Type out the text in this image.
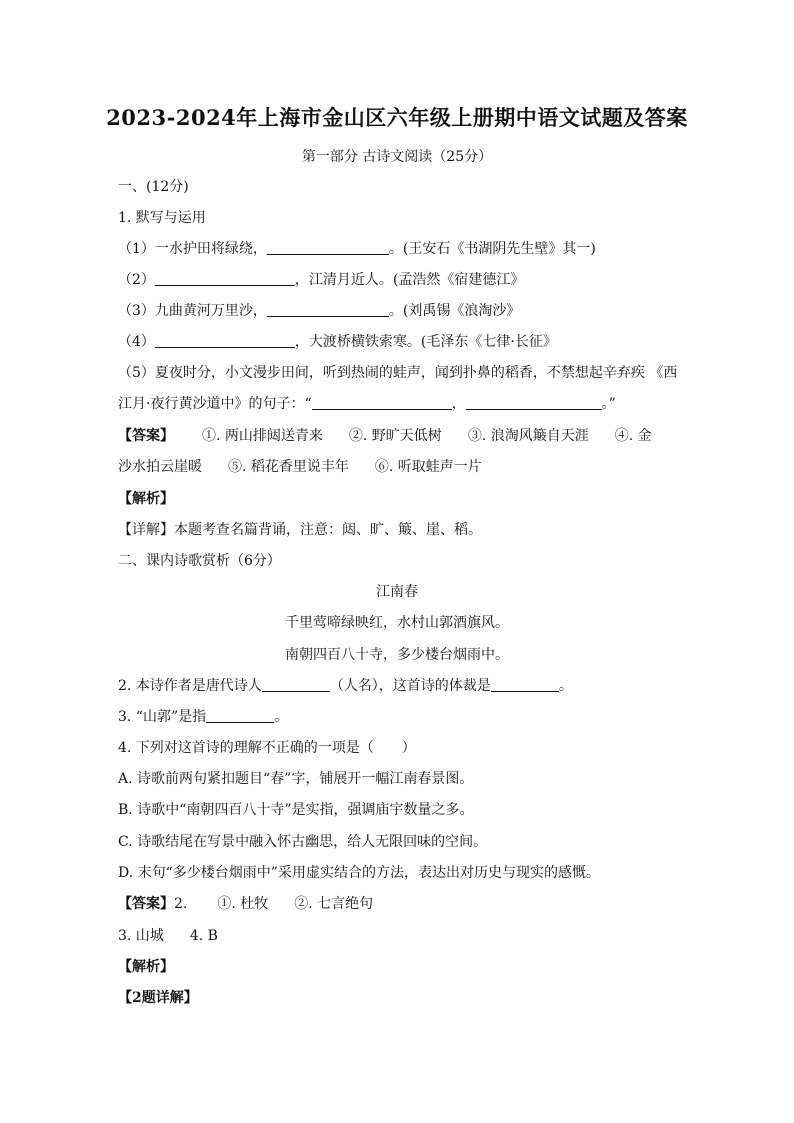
2023-2024年上海市金山区六年级上册期中语文试题及答案
第一部分 古诗文阅读（25分）
一、(12分)
1. 默写与运用
（1）一水护田将绿绕，	。(王安石《书湖阴先生壁》其一)
（2）	，江清月近人。(孟浩然《宿建德江》
（3）九曲黄河万里沙，	。(刘禹锡《浪淘沙》
（4）	，大渡桥横铁索寒。(毛泽东《七律·长征》
（5）夏夜时分，小文漫步田间，听到热闹的蛙声，闻到扑鼻的稻香，不禁想起辛弃疾 《西
江月·夜行黄沙道中》的句子：“	，	。”
【答案】 ①. 两山排闼送青来 ②. 野旷天低树 ③. 浪淘风簸自天涯 ④. 金
沙水拍云崖暖 ⑤. 稻花香里说丰年 ⑥. 听取蛙声一片
【解析】
【详解】本题考查名篇背诵，注意：闼、旷、簸、崖、稻。
二、课内诗歌赏析（6分）
江南春
千里莺啼绿映红，水村山郭酒旗风。
南朝四百八十寺，多少楼台烟雨中。
2. 本诗作者是唐代诗人	（人名），这首诗的体裁是	。
3. “山郭”是指	。
4. 下列对这首诗的理解不正确的一项是（　　）
A. 诗歌前两句紧扣题目“春”字，铺展开一幅江南春景图。
B. 诗歌中“南朝四百八十寺”是实指，强调庙宇数量之多。
C. 诗歌结尾在写景中融入怀古幽思，给人无限回味的空间。
D. 末句“多少楼台烟雨中”采用虚实结合的方法，表达出对历史与现实的感慨。
【答案】2. ①. 杜牧 ②. 七言绝句
3. 山城 4. B
【解析】
【2题详解】
